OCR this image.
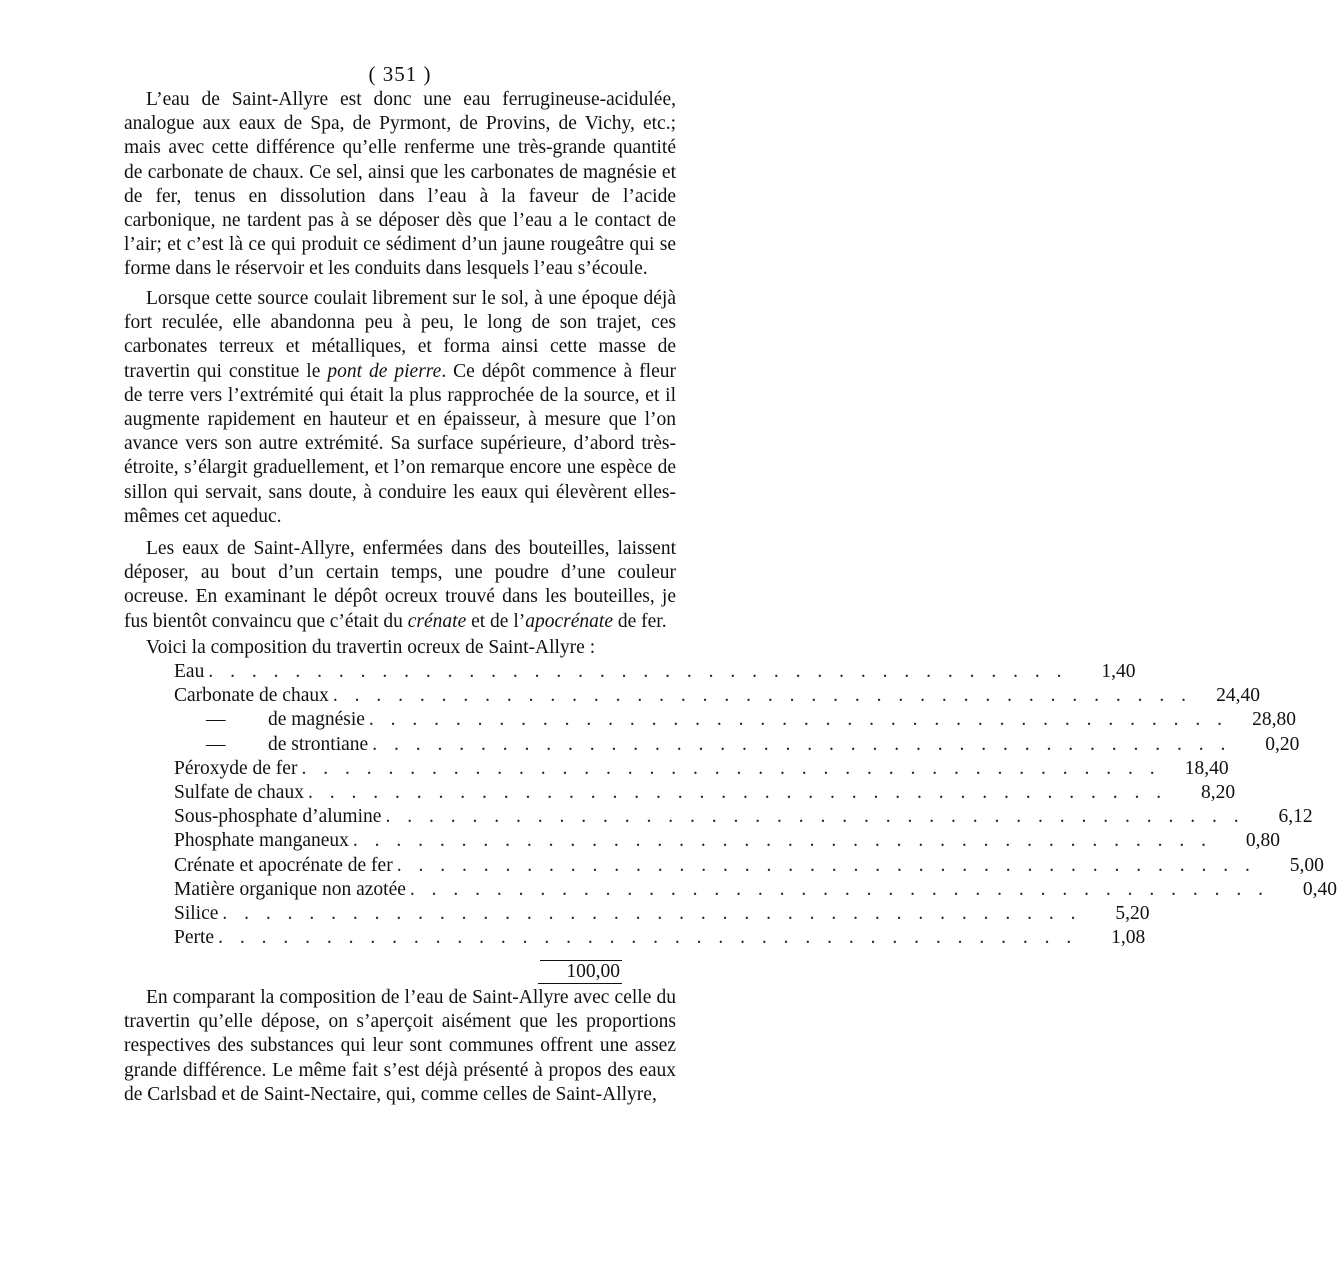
( 351 )

L’eau de Saint-Allyre est donc une eau ferrugineuse-acidulée, analogue aux eaux de Spa, de Pyrmont, de Provins, de Vichy, etc.; mais avec cette différence qu’elle renferme une très-grande quantité de carbonate de chaux. Ce sel, ainsi que les carbonates de magnésie et de fer, tenus en dissolution dans l’eau à la faveur de l’acide carbonique, ne tardent pas à se déposer dès que l’eau a le contact de l’air; et c’est là ce qui produit ce sédiment d’un jaune rougeâtre qui se forme dans le réservoir et les conduits dans lesquels l’eau s’écoule.

Lorsque cette source coulait librement sur le sol, à une époque déjà fort reculée, elle abandonna peu à peu, le long de son trajet, ces carbonates terreux et métalliques, et forma ainsi cette masse de travertin qui constitue le pont de pierre. Ce dépôt commence à fleur de terre vers l’extrémité qui était la plus rapprochée de la source, et il augmente rapidement en hauteur et en épaisseur, à mesure que l’on avance vers son autre extrémité. Sa surface supérieure, d’abord très-étroite, s’élargit graduellement, et l’on remarque encore une espèce de sillon qui servait, sans doute, à conduire les eaux qui élevèrent elles-mêmes cet aqueduc.

Les eaux de Saint-Allyre, enfermées dans des bouteilles, laissent déposer, au bout d’un certain temps, une poudre d’une couleur ocreuse. En examinant le dépôt ocreux trouvé dans les bouteilles, je fus bientôt convaincu que c’était du crénate et de l’apocrénate de fer.

Voici la composition du travertin ocreux de Saint-Allyre :
Eau . . . . . . . . . . . . . . . . . . . . . . . . . . . . . . . . . . . . . . . .	1,40
Carbonate de chaux . . . . . . . . . . . . . . . . . . . . . . . . . . . . . . . . . . . . . . . .	24,40
— de magnésie . . . . . . . . . . . . . . . . . . . . . . . . . . . . . . . . . . . . . . . .	28,80
— de strontiane . . . . . . . . . . . . . . . . . . . . . . . . . . . . . . . . . . . . . . . .	0,20
Péroxyde de fer . . . . . . . . . . . . . . . . . . . . . . . . . . . . . . . . . . . . . . . .	18,40
Sulfate de chaux . . . . . . . . . . . . . . . . . . . . . . . . . . . . . . . . . . . . . . . .	8,20
Sous-phosphate d’alumine . . . . . . . . . . . . . . . . . . . . . . . . . . . . . . . . . . . . . . . .	6,12
Phosphate manganeux . . . . . . . . . . . . . . . . . . . . . . . . . . . . . . . . . . . . . . . .	0,80
Crénate et apocrénate de fer . . . . . . . . . . . . . . . . . . . . . . . . . . . . . . . . . . . . . . . .	5,00
Matière organique non azotée . . . . . . . . . . . . . . . . . . . . . . . . . . . . . . . . . . . . . . . .	0,40
Silice . . . . . . . . . . . . . . . . . . . . . . . . . . . . . . . . . . . . . . . .	5,20
Perte . . . . . . . . . . . . . . . . . . . . . . . . . . . . . . . . . . . . . . . .	1,08
100,00

En comparant la composition de l’eau de Saint-Allyre avec celle du travertin qu’elle dépose, on s’aperçoit aisément que les proportions respectives des substances qui leur sont communes offrent une assez grande différence. Le même fait s’est déjà présenté à propos des eaux de Carlsbad et de Saint-Nectaire, qui, comme celles de Saint-Allyre,
